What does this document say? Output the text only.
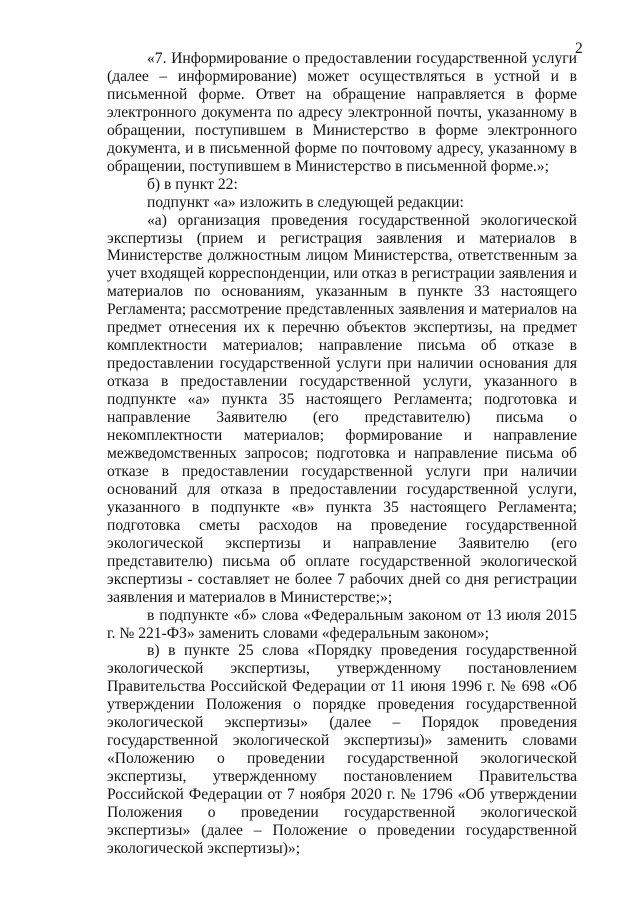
2

«7. Информирование о предоставлении государственной услуги (далее – информирование) может осуществляться в устной и в письменной форме. Ответ на обращение направляется в форме электронного документа по адресу электронной почты, указанному в обращении, поступившем в Министерство в форме электронного документа, и в письменной форме по почтовому адресу, указанному в обращении, поступившем в Министерство в письменной форме.»;

б) в пункт 22:

подпункт «а» изложить в следующей редакции:

«а) организация проведения государственной экологической экспертизы (прием и регистрация заявления и материалов в Министерстве должностным лицом Министерства, ответственным за учет входящей корреспонденции, или отказ в регистрации заявления и материалов по основаниям, указанным в пункте 33 настоящего Регламента; рассмотрение представленных заявления и материалов на предмет отнесения их к перечню объектов экспертизы, на предмет комплектности материалов; направление письма об отказе в предоставлении государственной услуги при наличии основания для отказа в предоставлении государственной услуги, указанного в подпункте «а» пункта 35 настоящего Регламента; подготовка и направление Заявителю (его представителю) письма о некомплектности материалов; формирование и направление межведомственных запросов; подготовка и направление письма об отказе в предоставлении государственной услуги при наличии оснований для отказа в предоставлении государственной услуги, указанного в подпункте «в» пункта 35 настоящего Регламента; подготовка сметы расходов на проведение государственной экологической экспертизы и направление Заявителю (его представителю) письма об оплате государственной экологической экспертизы - составляет не более 7 рабочих дней со дня регистрации заявления и материалов в Министерстве;»;

в подпункте «б» слова «Федеральным законом от 13 июля 2015 г. № 221-ФЗ» заменить словами «федеральным законом»;

в) в пункте 25 слова «Порядку проведения государственной экологической экспертизы, утвержденному постановлением Правительства Российской Федерации от 11 июня 1996 г. № 698 «Об утверждении Положения о порядке проведения государственной экологической экспертизы» (далее – Порядок проведения государственной экологической экспертизы)» заменить словами «Положению о проведении государственной экологической экспертизы, утвержденному постановлением Правительства Российской Федерации от 7 ноября 2020 г. № 1796 «Об утверждении Положения о проведении государственной экологической экспертизы» (далее – Положение о проведении государственной экологической экспертизы)»;
